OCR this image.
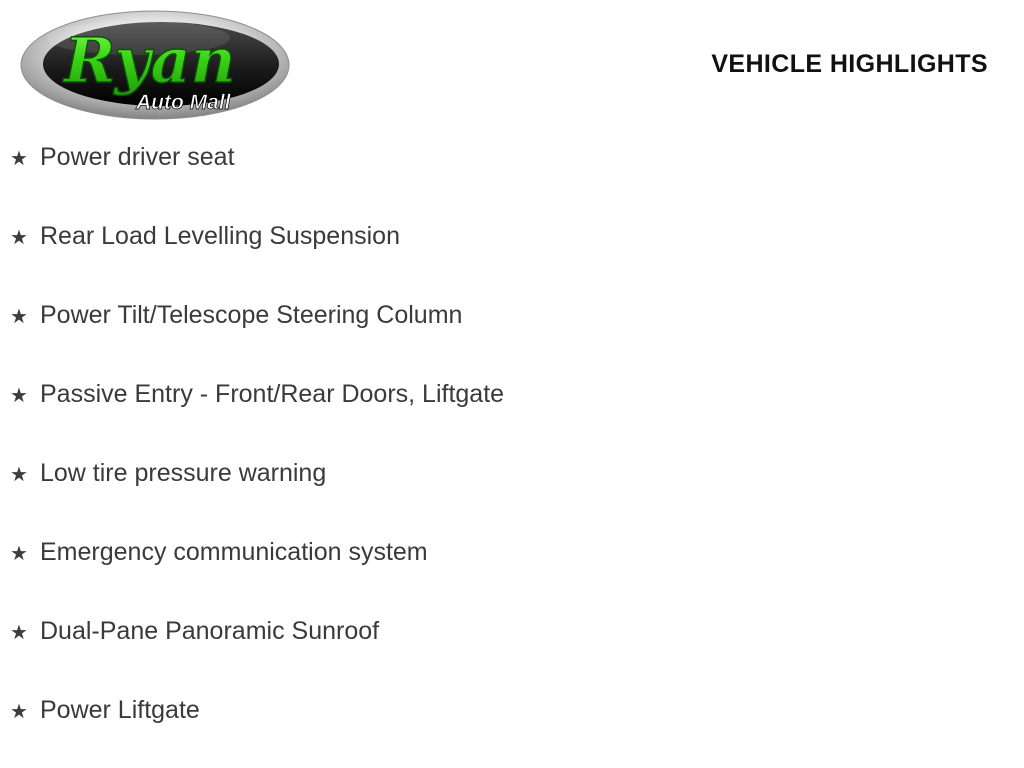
Ryan
Auto Mall
VEHICLE HIGHLIGHTS
★ Power driver seat
★ Rear Load Levelling Suspension
★ Power Tilt/Telescope Steering Column
★ Passive Entry - Front/Rear Doors, Liftgate
★ Low tire pressure warning
★ Emergency communication system
★ Dual-Pane Panoramic Sunroof
★ Power Liftgate
